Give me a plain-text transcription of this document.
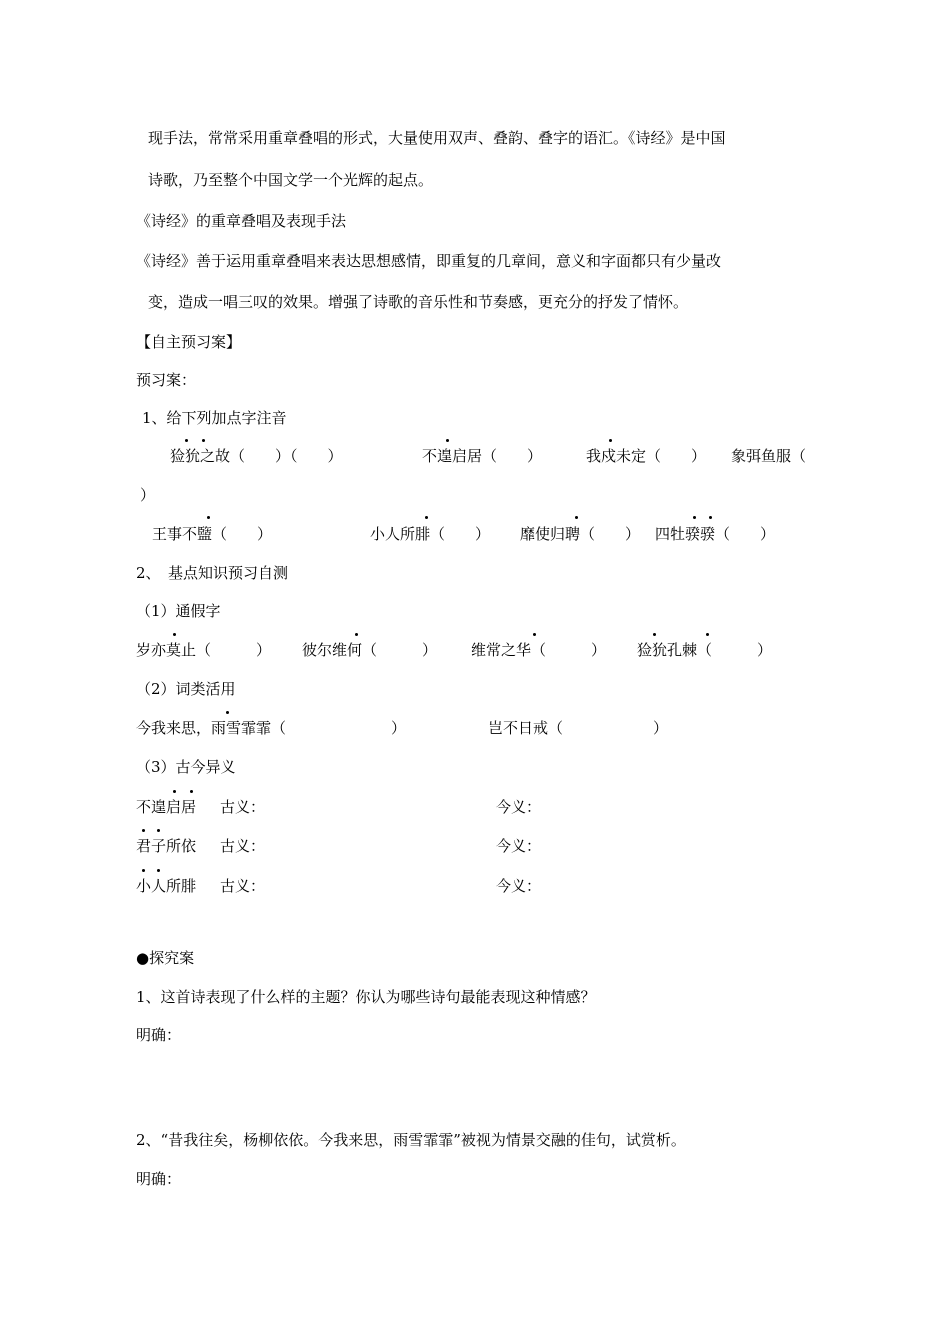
现手法，常常采用重章叠唱的形式，大量使用双声、叠韵、叠字的语汇。《诗经》是中国
诗歌，乃至整个中国文学一个光辉的起点。
《诗经》的重章叠唱及表现手法
《诗经》善于运用重章叠唱来表达思想感情，即重复的几章间，意义和字面都只有少量改
变，造成一唱三叹的效果。增强了诗歌的音乐性和节奏感，更充分的抒发了情怀。
【自主预习案】
预习案：
1、给下列加点字注音
猃狁之故（　　）（　　）	不遑启居（　　）	我戍未定（　　） 象弭鱼服（
）
王事不盬（　　）	小人所腓（　　） 靡使归聘（　　） 四牡骙骙（　　）
2、　基点知识预习自测
（1）通假字
岁亦莫止（　　　） 彼尔维何（　　　） 维常之华（　　　） 猃狁孔棘（　　　）
（2）词类活用
今我来思，雨雪霏霏（　　　　　　　）	岂不日戒（　　　　　　）
（3）古今异义
不遑启居 古义：	今义：
君子所依 古义：	今义：
小人所腓 古义：	今义：
●探究案
1、这首诗表现了什么样的主题？你认为哪些诗句最能表现这种情感？
明确：
2、“昔我往矣，杨柳依依。今我来思，雨雪霏霏”被视为情景交融的佳句，试赏析。
明确：
